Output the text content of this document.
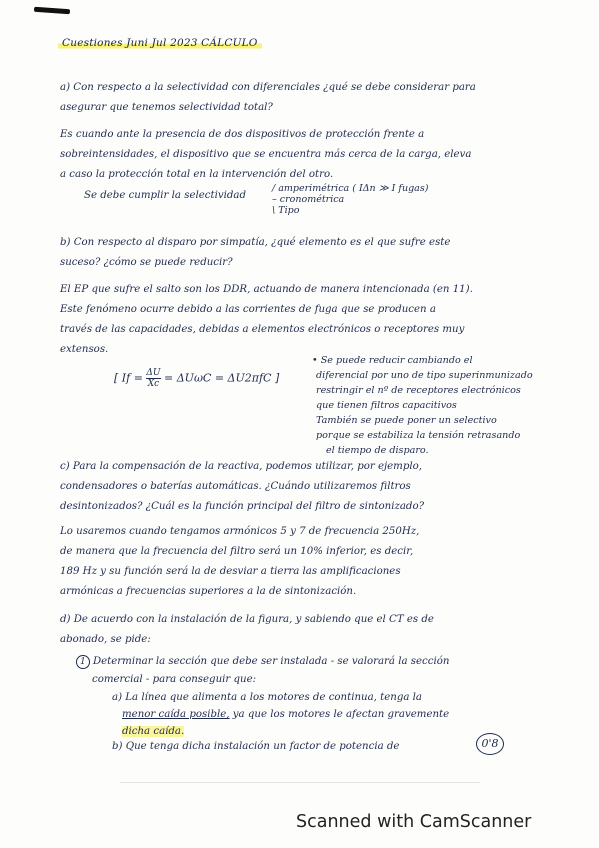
Cuestiones Juni Jul 2023 CÁLCULO
a) Con respecto a la selectividad con diferenciales ¿qué se debe considerar para
asegurar que tenemos selectividad total?
Es cuando ante la presencia de dos dispositivos de protección frente a
sobreintensidades, el dispositivo que se encuentra más cerca de la carga, eleva
a caso la protección total en la intervención del otro.
Se debe cumplir la selectividad
/ amperimétrica ( IΔn ≫ I fugas)
– cronométrica
\ Tipo
b) Con respecto al disparo por simpatía, ¿qué elemento es el que sufre este
suceso? ¿cómo se puede reducir?
El EP que sufre el salto son los DDR, actuando de manera intencionada (en 11).
Este fenómeno ocurre debido a las corrientes de fuga que se producen a
través de las capacidades, debidas a elementos electrónicos o receptores muy
extensos.
[ $If = \frac{\Delta U}{Xc} = \Delta U\omega C = \Delta U2\pi fC$ ]
• Se puede reducir cambiando el
diferencial por uno de tipo superinmunizado
restringir el nº de receptores electrónicos
que tienen filtros capacitivos
También se puede poner un selectivo
porque se estabiliza la tensión retrasando
el tiempo de disparo.
c) Para la compensación de la reactiva, podemos utilizar, por ejemplo,
condensadores o baterías automáticas. ¿Cuándo utilizaremos filtros
desintonizados? ¿Cuál es la función principal del filtro de sintonizado?
Lo usaremos cuando tengamos armónicos 5 y 7 de frecuencia 250Hz,
de manera que la frecuencia del filtro será un 10% inferior, es decir,
189 Hz y su función será la de desviar a tierra las amplificaciones
armónicas a frecuencias superiores a la de sintonización.
d) De acuerdo con la instalación de la figura, y sabiendo que el CT es de
abonado, se pide:
1 Determinar la sección que debe ser instalada - se valorará la sección
comercial - para conseguir que:
a) La línea que alimenta a los motores de continua, tenga la
menor caída posible, ya que los motores le afectan gravemente
dicha caída.
b) Que tenga dicha instalación un factor de potencia de	0'8
Scanned with CamScanner
